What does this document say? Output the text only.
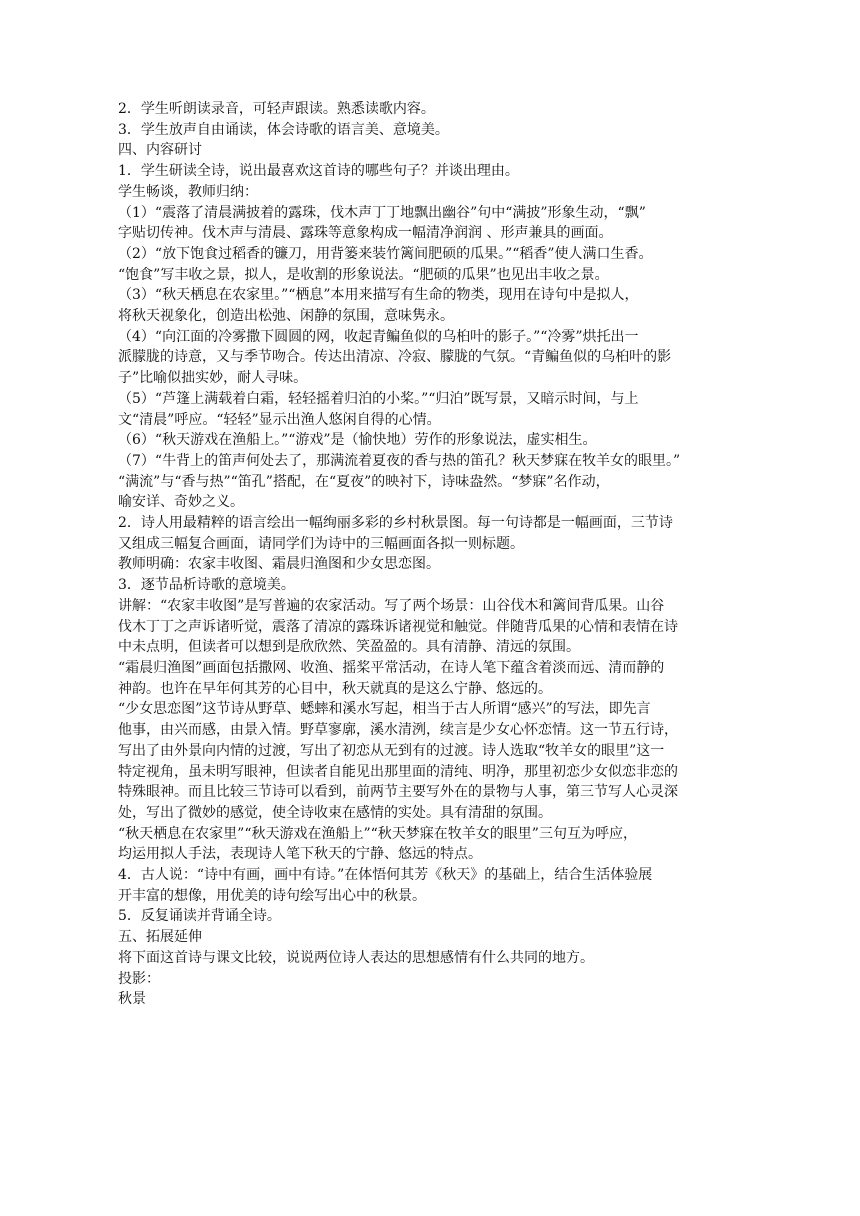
2．学生听朗读录音，可轻声跟读。熟悉读歌内容。

3．学生放声自由诵读，体会诗歌的语言美、意境美。

四、内容研讨

1．学生研读全诗，说出最喜欢这首诗的哪些句子？并谈出理由。

学生畅谈，教师归纳：

（1）“震落了清晨满披着的露珠，伐木声丁丁地飘出幽谷”句中“满披”形象生动，“飘”

字贴切传神。伐木声与清晨、露珠等意象构成一幅清净润润 、形声兼具的画面。

（2）“放下饱食过稻香的镰刀，用背篓来装竹篱间肥硕的瓜果。”“稻香”使人满口生香。

“饱食”写丰收之景，拟人，是收割的形象说法。“肥硕的瓜果”也见出丰收之景。

（3）“秋天栖息在农家里。”“栖息”本用来描写有生命的物类，现用在诗句中是拟人，

将秋天视象化，创造出松弛、闲静的氛围，意味隽永。

（4）“向江面的冷雾撒下圆圆的网，收起青鳊鱼似的乌桕叶的影子。”“冷雾”烘托出一

派朦胧的诗意，又与季节吻合。传达出清凉、冷寂、朦胧的气氛。“青鳊鱼似的乌桕叶的影

子”比喻似拙实妙，耐人寻味。

（5）“芦篷上满载着白霜，轻轻摇着归泊的小桨。”“归泊”既写景，又暗示时间，与上

文“清晨”呼应。“轻轻”显示出渔人悠闲自得的心情。

（6）“秋天游戏在渔船上。”“游戏”是（愉快地）劳作的形象说法，虚实相生。

（7）“牛背上的笛声何处去了，那满流着夏夜的香与热的笛孔？秋天梦寐在牧羊女的眼里。”

“满流”与“香与热”“笛孔”搭配，在“夏夜”的映衬下，诗味盎然。“梦寐”名作动，

喻安详、奇妙之义。

2．诗人用最精粹的语言绘出一幅绚丽多彩的乡村秋景图。每一句诗都是一幅画面，三节诗

又组成三幅复合画面，请同学们为诗中的三幅画面各拟一则标题。

教师明确：农家丰收图、霜晨归渔图和少女思恋图。

3．逐节品析诗歌的意境美。

讲解：“农家丰收图”是写普遍的农家活动。写了两个场景：山谷伐木和篱间背瓜果。山谷

伐木丁丁之声诉诸听觉，震落了清凉的露珠诉诸视觉和触觉。伴随背瓜果的心情和表情在诗

中未点明，但读者可以想到是欣欣然、笑盈盈的。具有清静、清远的氛围。

“霜晨归渔图”画面包括撒网、收渔、摇桨平常活动，在诗人笔下蕴含着淡而远、清而静的

神韵。也许在早年何其芳的心目中，秋天就真的是这么宁静、悠远的。

“少女思恋图”这节诗从野草、蟋蟀和溪水写起，相当于古人所谓“感兴”的写法，即先言

他事，由兴而感，由景入情。野草寥廓，溪水清洌，续言是少女心怀恋情。这一节五行诗，

写出了由外景向内情的过渡，写出了初恋从无到有的过渡。诗人选取“牧羊女的眼里”这一

特定视角，虽未明写眼神，但读者自能见出那里面的清纯、明净，那里初恋少女似恋非恋的

特殊眼神。而且比较三节诗可以看到，前两节主要写外在的景物与人事，第三节写人心灵深

处，写出了微妙的感觉，使全诗收束在感情的实处。具有清甜的氛围。

“秋天栖息在农家里”“秋天游戏在渔船上”“秋天梦寐在牧羊女的眼里”三句互为呼应，

均运用拟人手法，表现诗人笔下秋天的宁静、悠远的特点。

4．古人说：“诗中有画，画中有诗。”在体悟何其芳《秋天》的基础上，结合生活体验展

开丰富的想像，用优美的诗句绘写出心中的秋景。

5．反复诵读并背诵全诗。

五、拓展延伸

将下面这首诗与课文比较，说说两位诗人表达的思想感情有什么共同的地方。

投影：

秋景
